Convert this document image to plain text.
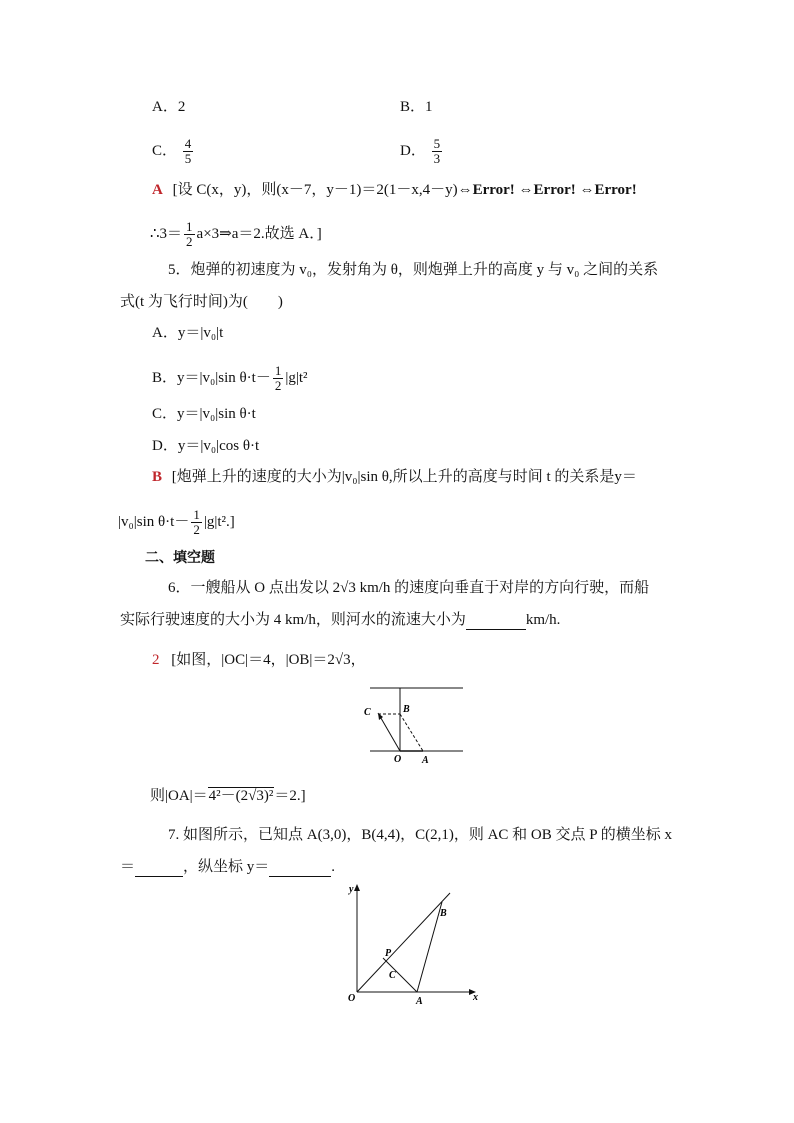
A．2	B．1
C． $\frac{4}{5}$	D． $\frac{5}{3}$
A [设 C(x，y)，则(x－7，y－1)＝2(1－x,4－y)⇔Error! ⇔Error! ⇔Error!
∴3＝ $\frac{1}{2}$ a×3⇒a＝2.故选 A．]
5．炮弹的初速度为 v₀，发射角为 θ，则炮弹上升的高度 y 与 v₀ 之间的关系
式(t 为飞行时间)为(　　)
A．y＝|v₀|t
B．y＝|v₀|sin $\theta\cdot t- \frac{1}{2} |g|t^2$
C．y＝|v₀|sin θ·t
D．y＝|v₀|cos θ·t
B [炮弹上升的速度的大小为|v₀|sin θ,所以上升的高度与时间 t 的关系是y＝
|v₀|sin $\theta\cdot t- \frac{1}{2} |g|t^2$.]
二、填空题
6．一艘船从 O 点出发以 2√3 km/h 的速度向垂直于对岸的方向行驶，而船
实际行驶速度的大小为 4 km/h，则河水的流速大小为	km/h.
2 [如图，|OC|＝4，|OB|＝2√3，
C	B
O A
则|OA|＝4²－(2√3)²＝2.]
7. 如图所示，已知点 A(3,0)，B(4,4)，C(2,1)，则 AC 和 OB 交点 P 的横坐标 x
＝	，纵坐标 y＝	.
y
x
O	A
B
C
P
